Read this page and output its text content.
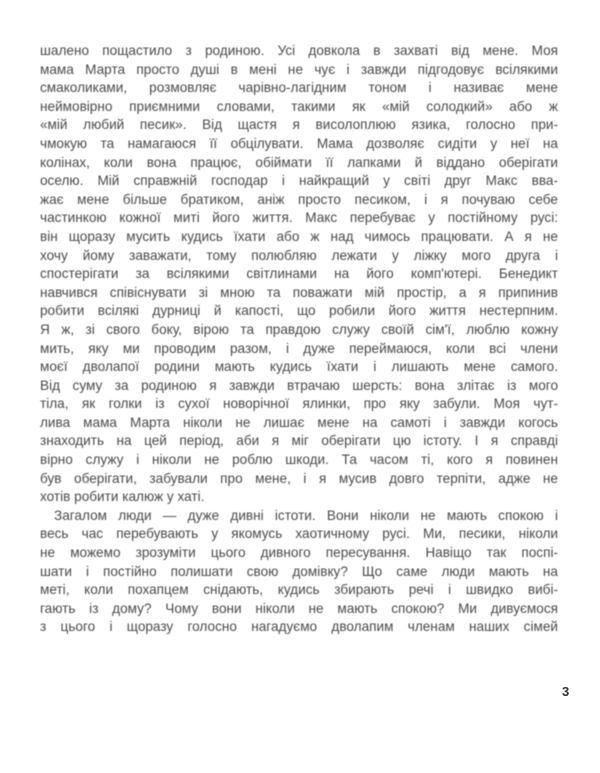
шалено пощастило з родиною. Усі довкола в захваті від мене. Моя
мама Марта просто душі в мені не чує і завжди підгодовує всілякими
смаколиками, розмовляє чарівно-лагідним тоном і називає мене
неймовірно приємними словами, такими як «мій солодкий» або ж
«мій любий песик». Від щастя я висолоплюю язика, голосно при-
чмокую та намагаюся її обцілувати. Мама дозволяє сидіти у неї на
колінах, коли вона працює, обіймати її лапками й віддано оберігати
оселю. Мій справжній господар і найкращий у світі друг Макс вва-
жає мене більше братиком, аніж просто песиком, і я почуваю себе
частинкою кожної миті його життя. Макс перебуває у постійному русі:
він щоразу мусить кудись їхати або ж над чимось працювати. А я не
хочу йому заважати, тому полюбляю лежати у ліжку мого друга і
спостерігати за всілякими світлинами на його комп'ютері. Бенедикт
навчився співіснувати зі мною та поважати мій простір, а я припинив
робити всілякі дурниці й капості, що робили його життя нестерпним.
Я ж, зі свого боку, вірою та правдою служу своїй сім'ї, люблю кожну
мить, яку ми проводим разом, і дуже переймаюся, коли всі члени
моєї дволапої родини мають кудись їхати і лишають мене самого.
Від суму за родиною я завжди втрачаю шерсть: вона злітає із мого
тіла, як голки із сухої новорічної ялинки, про яку забули. Моя чут-
лива мама Марта ніколи не лишає мене на самоті і завжди когось
знаходить на цей період, аби я міг оберігати цю істоту. І я справді
вірно служу і ніколи не роблю шкоди. Та часом ті, кого я повинен
був оберігати, забували про мене, і я мусив довго терпіти, адже не
хотів робити калюж у хаті.
Загалом люди — дуже дивні істоти. Вони ніколи не мають спокою і
весь час перебувають у якомусь хаотичному русі. Ми, песики, ніколи
не можемо зрозуміти цього дивного пересування. Навіщо так поспі-
шати і постійно полишати свою домівку? Що саме люди мають на
меті, коли похапцем снідають, кудись збирають речі і швидко вибі-
гають із дому? Чому вони ніколи не мають спокою? Ми дивуємося
з цього і щоразу голосно нагадуємо дволапим членам наших сімей
3
